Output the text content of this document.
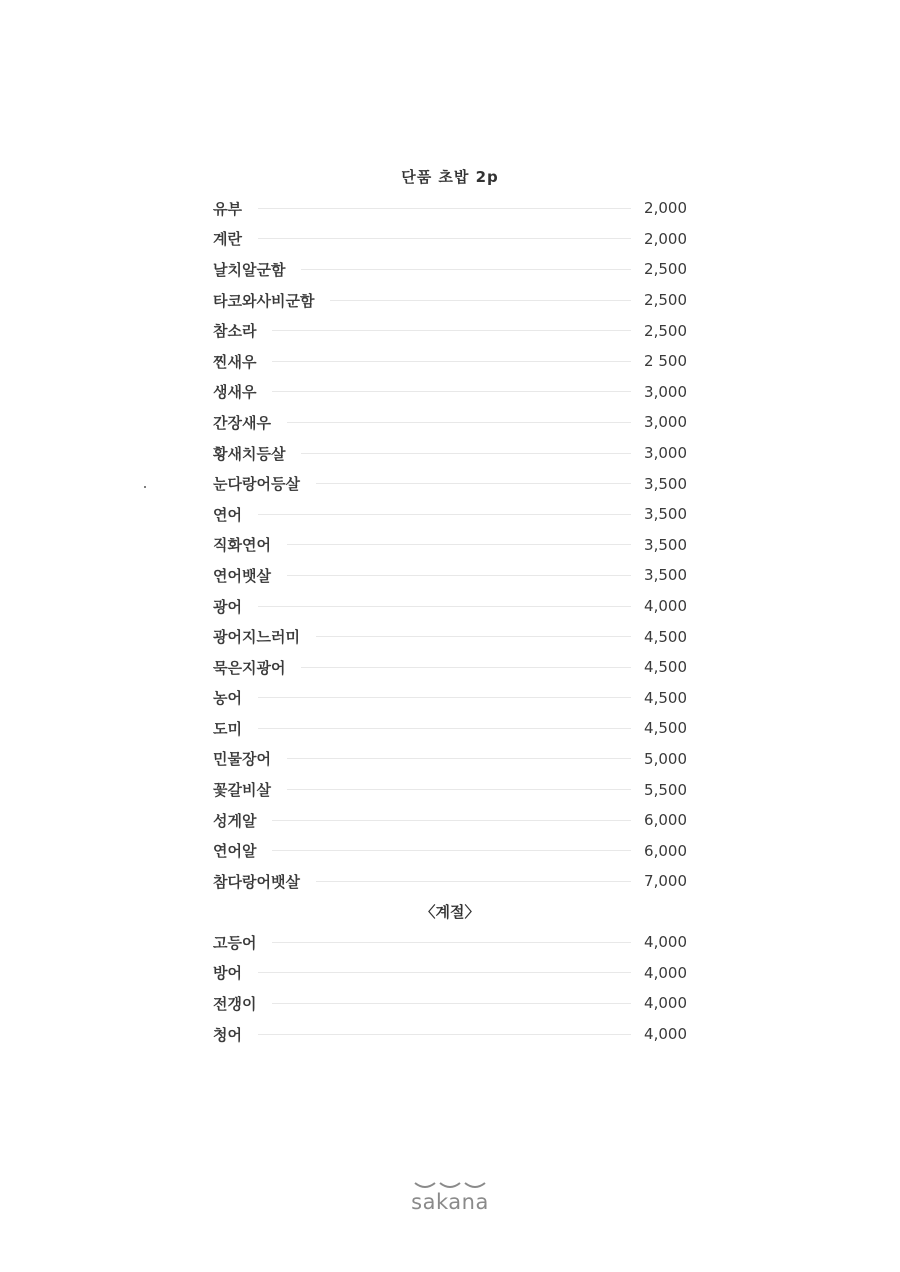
단품 초밥 2p
유부	2,000
계란	2,000
날치알군함	2,500
타코와사비군함	2,500
참소라	2,500
찐새우	2 500
생새우	3,000
간장새우	3,000
황새치등살	3,000
눈다랑어등살	3,500
연어	3,500
직화연어	3,500
연어뱃살	3,500
광어	4,000
광어지느러미	4,500
묵은지광어	4,500
농어	4,500
도미	4,500
민물장어	5,000
꽃갈비살	5,500
성게알	6,000
연어알	6,000
참다랑어뱃살	7,000
〈계절〉
고등어	4,000
방어	4,000
전갱이	4,000
청어	4,000
sakana
